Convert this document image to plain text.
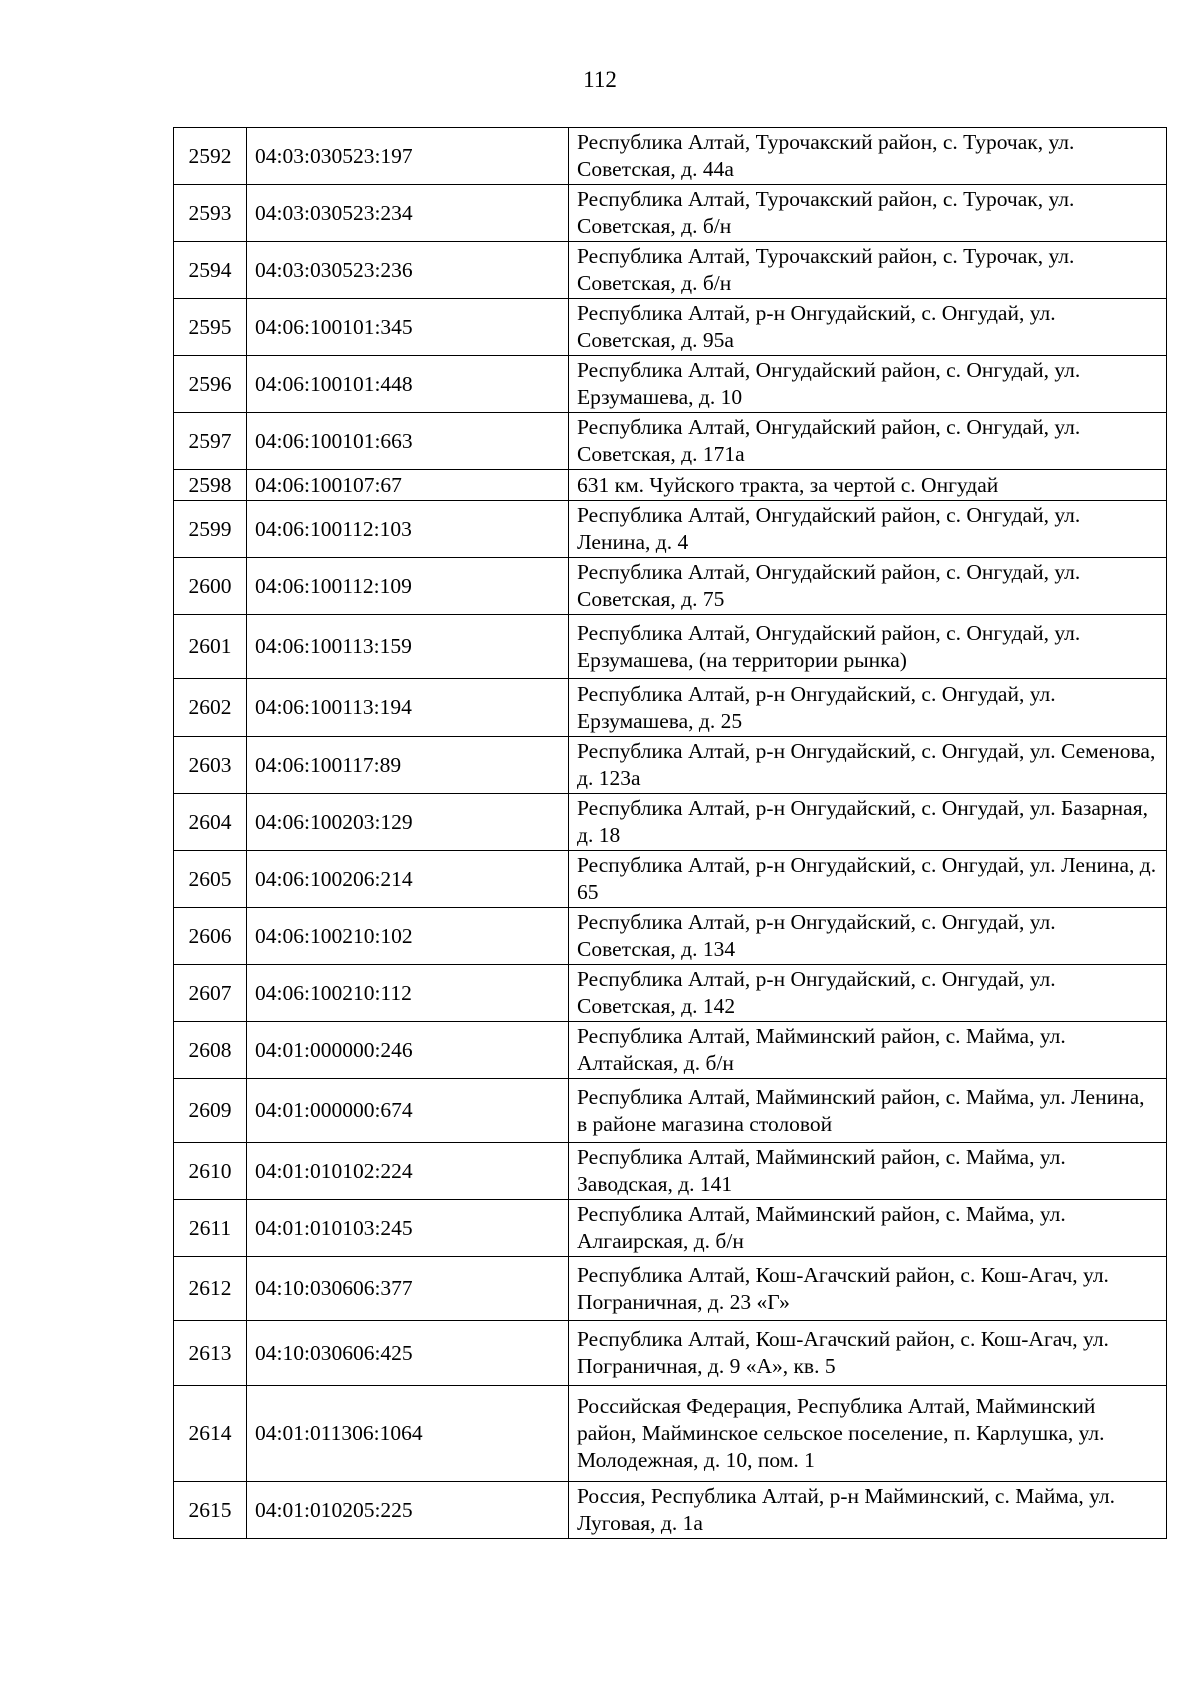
112
2592	04:03:030523:197	Республика Алтай, Турочакский район, с. Турочак, ул. Советская, д. 44а
2593	04:03:030523:234	Республика Алтай, Турочакский район, с. Турочак, ул. Советская, д. б/н
2594	04:03:030523:236	Республика Алтай, Турочакский район, с. Турочак, ул. Советская, д. б/н
2595	04:06:100101:345	Республика Алтай, р-н Онгудайский, с. Онгудай, ул. Советская, д. 95а
2596	04:06:100101:448	Республика Алтай, Онгудайский район, с. Онгудай, ул. Ерзумашева, д. 10
2597	04:06:100101:663	Республика Алтай, Онгудайский район, с. Онгудай, ул. Советская, д. 171а
2598	04:06:100107:67	631 км. Чуйского тракта, за чертой с. Онгудай
2599	04:06:100112:103	Республика Алтай, Онгудайский район, с. Онгудай, ул. Ленина, д. 4
2600	04:06:100112:109	Республика Алтай, Онгудайский район, с. Онгудай, ул. Советская, д. 75
2601	04:06:100113:159	Республика Алтай, Онгудайский район, с. Онгудай, ул. Ерзумашева, (на территории рынка)
2602	04:06:100113:194	Республика Алтай, р-н Онгудайский, с. Онгудай, ул. Ерзумашева, д. 25
2603	04:06:100117:89	Республика Алтай, р-н Онгудайский, с. Онгудай, ул. Семенова, д. 123а
2604	04:06:100203:129	Республика Алтай, р-н Онгудайский, с. Онгудай, ул. Базарная, д. 18
2605	04:06:100206:214	Республика Алтай, р-н Онгудайский, с. Онгудай, ул. Ленина, д. 65
2606	04:06:100210:102	Республика Алтай, р-н Онгудайский, с. Онгудай, ул. Советская, д. 134
2607	04:06:100210:112	Республика Алтай, р-н Онгудайский, с. Онгудай, ул. Советская, д. 142
2608	04:01:000000:246	Республика Алтай, Майминский район, с. Майма, ул. Алтайская, д. б/н
2609	04:01:000000:674	Республика Алтай, Майминский район, с. Майма, ул. Ленина, в районе магазина столовой
2610	04:01:010102:224	Республика Алтай, Майминский район, с. Майма, ул. Заводская, д. 141
2611	04:01:010103:245	Республика Алтай, Майминский район, с. Майма, ул. Алгаирская, д. б/н
2612	04:10:030606:377	Республика Алтай, Кош-Агачский район, с. Кош-Агач, ул. Пограничная, д. 23 «Г»
2613	04:10:030606:425	Республика Алтай, Кош-Агачский район, с. Кош-Агач, ул. Пограничная, д. 9 «А», кв. 5
2614	04:01:011306:1064	Российская Федерация, Республика Алтай, Майминский район, Майминское сельское поселение, п. Карлушка, ул. Молодежная, д. 10, пом. 1
2615	04:01:010205:225	Россия, Республика Алтай, р-н Майминский, с. Майма, ул. Луговая, д. 1а
